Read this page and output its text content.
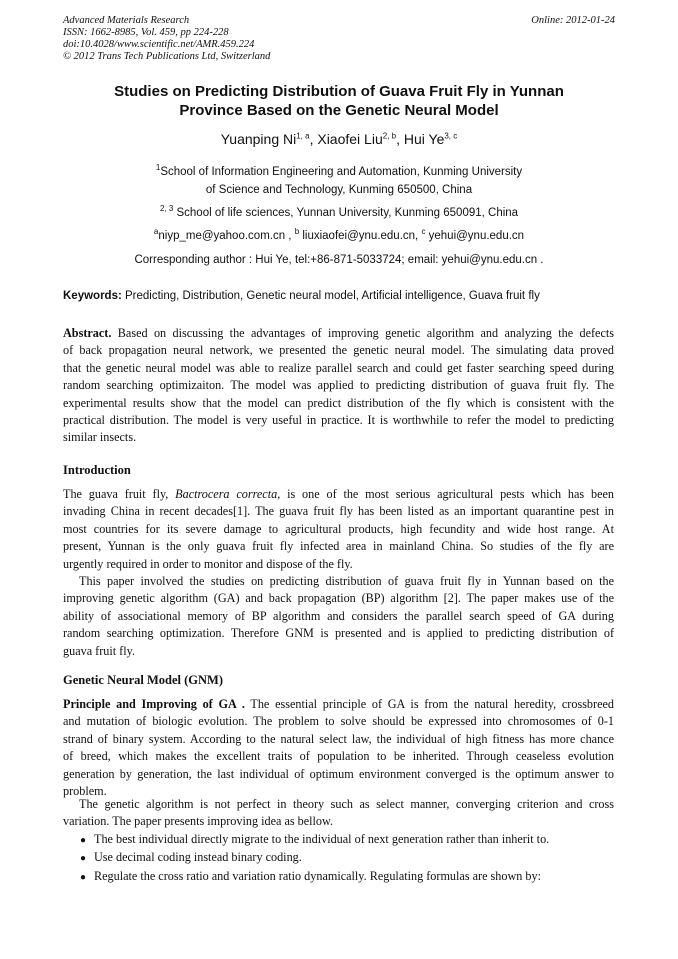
Advanced Materials Research
ISSN: 1662-8985, Vol. 459, pp 224-228
doi:10.4028/www.scientific.net/AMR.459.224
© 2012 Trans Tech Publications Ltd, Switzerland
Online: 2012-01-24
Studies on Predicting Distribution of Guava Fruit Fly in Yunnan
Province Based on the Genetic Neural Model
Yuanping Ni$^{1, a}$, Xiaofei Liu$^{2, b}$, Hui Ye$^{3, c}$
$^1$School of Information Engineering and Automation, Kunming University
of Science and Technology, Kunming 650500, China
$^{2, 3}$ School of life sciences, Yunnan University, Kunming 650091, China
$^a$niyp_me@yahoo.com.cn , $^b$ liuxiaofei@ynu.edu.cn, $^c$ yehui@ynu.edu.cn
Corresponding author : Hui Ye, tel:+86-871-5033724; email: yehui@ynu.edu.cn .
Keywords: Predicting, Distribution, Genetic neural model, Artificial intelligence, Guava fruit fly
Abstract. Based on discussing the advantages of improving genetic algorithm and analyzing the defects
of back propagation neural network, we presented the genetic neural model. The simulating data proved
that the genetic neural model was able to realize parallel search and could get faster searching speed during
random searching optimizaiton. The model was applied to predicting distribution of guava fruit fly. The
experimental results show that the model can predict distribution of the fly which is consistent with the
practical distribution. The model is very useful in practice. It is worthwhile to refer the model to predicting
similar insects.
Introduction
The guava fruit fly, Bactrocera correcta, is one of the most serious agricultural pests which has been
invading China in recent decades[1]. The guava fruit fly has been listed as an important quarantine pest in
most countries for its severe damage to agricultural products, high fecundity and wide host range. At
present, Yunnan is the only guava fruit fly infected area in mainland China. So studies of the fly are
urgently required in order to monitor and dispose of the fly.
This paper involved the studies on predicting distribution of guava fruit fly in Yunnan based on the
improving genetic algorithm (GA) and back propagation (BP) algorithm [2]. The paper makes use of the
ability of associational memory of BP algorithm and considers the parallel search speed of GA during
random searching optimization. Therefore GNM is presented and is applied to predicting distribution of
guava fruit fly.
Genetic Neural Model (GNM)
Principle and Improving of GA . The essential principle of GA is from the natural heredity, crossbreed
and mutation of biologic evolution. The problem to solve should be expressed into chromosomes of 0-1
strand of binary system. According to the natural select law, the individual of high fitness has more chance
of breed, which makes the excellent traits of population to be inherited. Through ceaseless evolution
generation by generation, the last individual of optimum environment converged is the optimum answer to
problem.
The genetic algorithm is not perfect in theory such as select manner, converging criterion and cross
variation. The paper presents improving idea as bellow.
● The best individual directly migrate to the individual of next generation rather than inherit to.
● Use decimal coding instead binary coding.
● Regulate the cross ratio and variation ratio dynamically. Regulating formulas are shown by:
